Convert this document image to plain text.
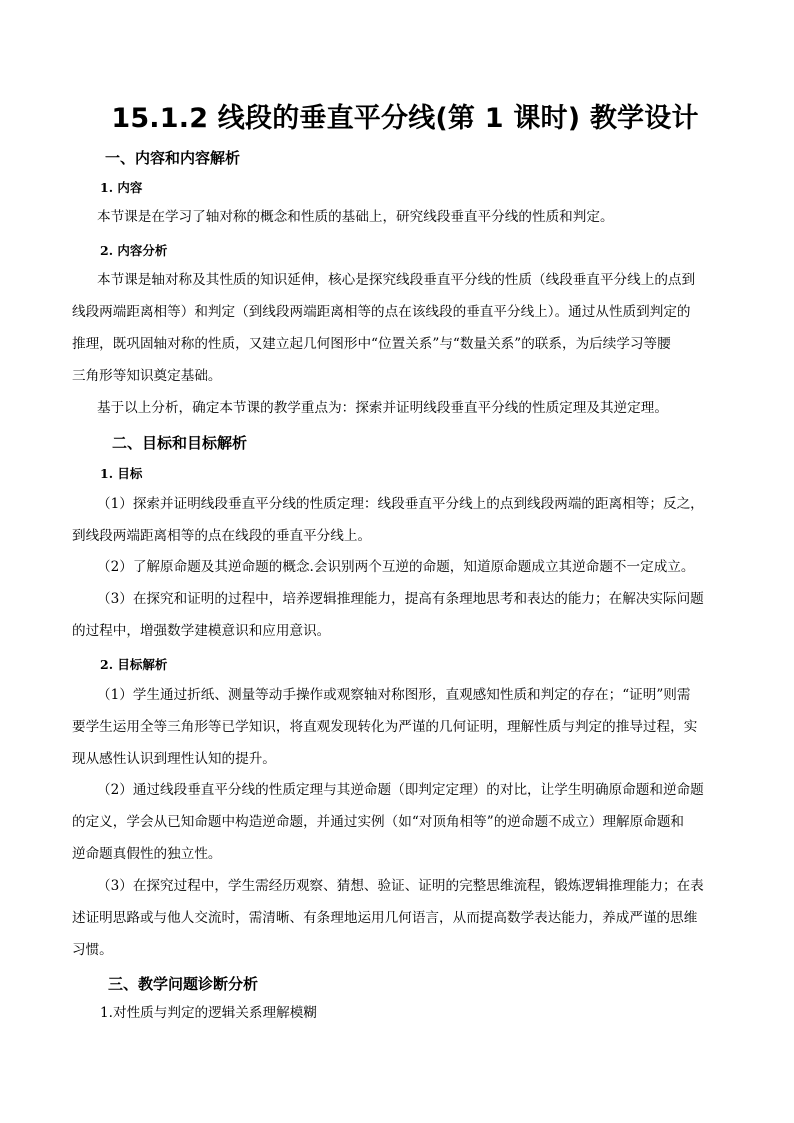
15.1.2 线段的垂直平分线(第 1 课时) 教学设计
一、内容和内容解析
1. 内容
本节课是在学习了轴对称的概念和性质的基础上，研究线段垂直平分线的性质和判定。
2. 内容分析
本节课是轴对称及其性质的知识延伸，核心是探究线段垂直平分线的性质（线段垂直平分线上的点到
线段两端距离相等）和判定（到线段两端距离相等的点在该线段的垂直平分线上）。通过从性质到判定的
推理，既巩固轴对称的性质，又建立起几何图形中“位置关系”与“数量关系”的联系，为后续学习等腰
三角形等知识奠定基础。
基于以上分析，确定本节课的教学重点为：探索并证明线段垂直平分线的性质定理及其逆定理。
二、目标和目标解析
1. 目标
（1）探索并证明线段垂直平分线的性质定理：线段垂直平分线上的点到线段两端的距离相等；反之，
到线段两端距离相等的点在线段的垂直平分线上。
（2）了解原命题及其逆命题的概念.会识别两个互逆的命题，知道原命题成立其逆命题不一定成立。
（3）在探究和证明的过程中，培养逻辑推理能力，提高有条理地思考和表达的能力；在解决实际问题
的过程中，增强数学建模意识和应用意识。
2. 目标解析
（1）学生通过折纸、测量等动手操作或观察轴对称图形，直观感知性质和判定的存在；“证明”则需
要学生运用全等三角形等已学知识，将直观发现转化为严谨的几何证明，理解性质与判定的推导过程，实
现从感性认识到理性认知的提升。
（2）通过线段垂直平分线的性质定理与其逆命题（即判定定理）的对比，让学生明确原命题和逆命题
的定义，学会从已知命题中构造逆命题，并通过实例（如“对顶角相等”的逆命题不成立）理解原命题和
逆命题真假性的独立性。
（3）在探究过程中，学生需经历观察、猜想、验证、证明的完整思维流程，锻炼逻辑推理能力；在表
述证明思路或与他人交流时，需清晰、有条理地运用几何语言，从而提高数学表达能力，养成严谨的思维
习惯。
三、教学问题诊断分析
1.对性质与判定的逻辑关系理解模糊
